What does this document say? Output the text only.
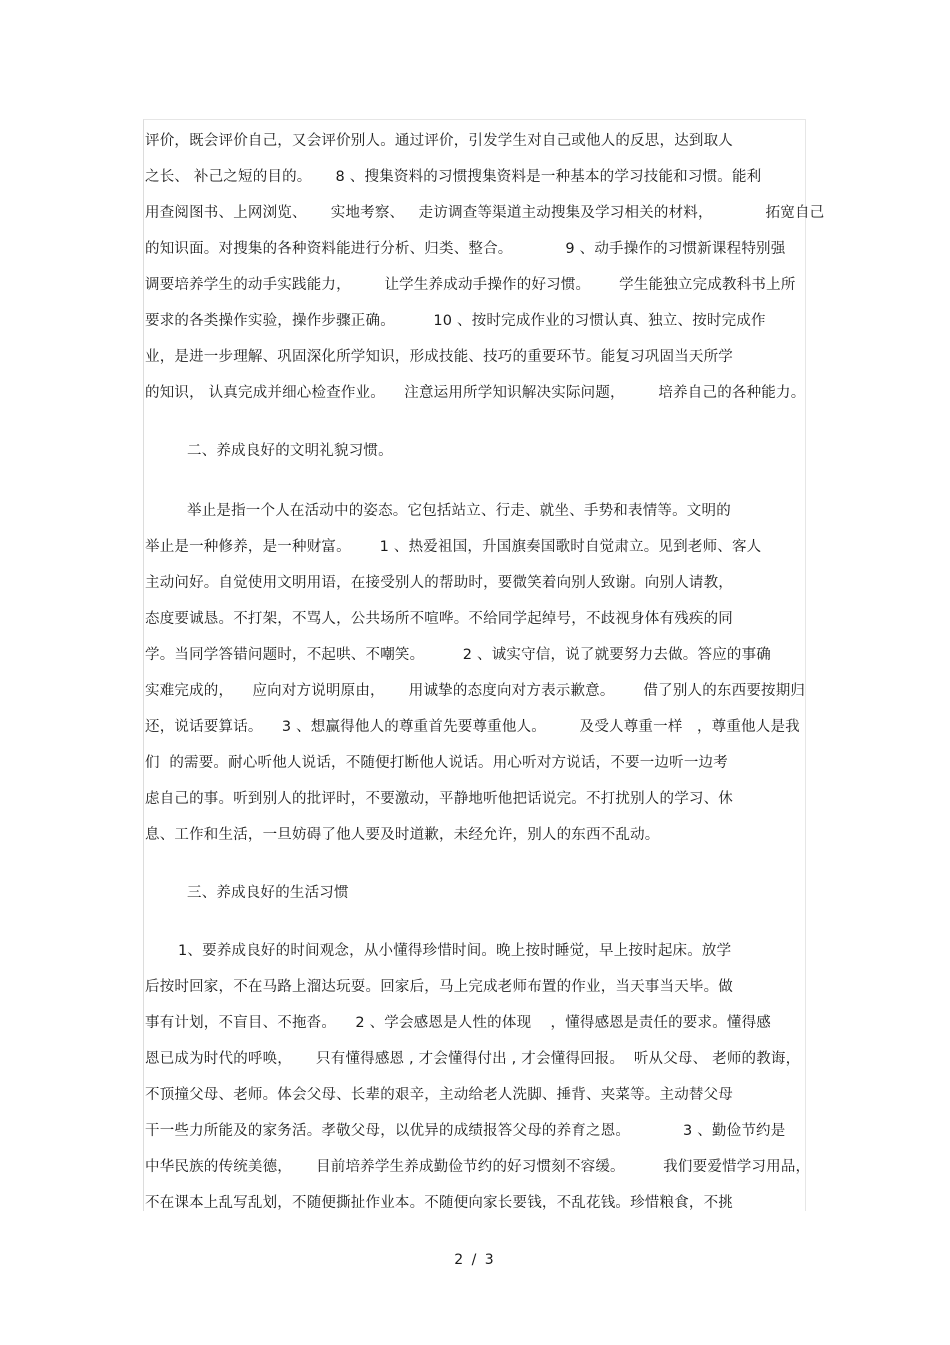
评价，既会评价自己，又会评价别人。通过评价，引发学生对自己或他人的反思，达到取人
之长、 补己之短的目的。     8 、搜集资料的习惯搜集资料是一种基本的学习技能和习惯。能利
用查阅图书、上网浏览、     实地考察、   走访调查等渠道主动搜集及学习相关的材料，           拓宽自己
的知识面。对搜集的各种资料能进行分析、归类、整合。           9 、动手操作的习惯新课程特别强
调要培养学生的动手实践能力，       让学生养成动手操作的好习惯。      学生能独立完成教科书上所
要求的各类操作实验，操作步骤正确。        10 、按时完成作业的习惯认真、独立、按时完成作
业，是进一步理解、巩固深化所学知识，形成技能、技巧的重要环节。能复习巩固当天所学
的知识， 认真完成并细心检查作业。    注意运用所学知识解决实际问题，       培养自己的各种能力。
二、养成良好的文明礼貌习惯。
举止是指一个人在活动中的姿态。它包括站立、行走、就坐、手势和表情等。文明的
举止是一种修养，是一种财富。      1 、热爱祖国，升国旗奏国歌时自觉肃立。见到老师、客人
主动问好。自觉使用文明用语，在接受别人的帮助时，要微笑着向别人致谢。向别人请教，
态度要诚恳。不打架，不骂人，公共场所不喧哗。不给同学起绰号，不歧视身体有残疾的同
学。当同学答错问题时，不起哄、不嘲笑。        2 、诚实守信，说了就要努力去做。答应的事确
实难完成的，    应向对方说明原由，     用诚挚的态度向对方表示歉意。      借了别人的东西要按期归
还，说话要算话。    3 、想赢得他人的尊重首先要尊重他人。       及受人尊重一样   ，尊重他人是我
们  的需要。耐心听他人说话，不随便打断他人说话。用心听对方说话，不要一边听一边考
虑自己的事。听到别人的批评时，不要激动，平静地听他把话说完。不打扰别人的学习、休
息、工作和生活，一旦妨碍了他人要及时道歉，未经允许，别人的东西不乱动。
三、养成良好的生活习惯
1、要养成良好的时间观念，从小懂得珍惜时间。晚上按时睡觉，早上按时起床。放学
后按时回家，不在马路上溜达玩耍。回家后，马上完成老师布置的作业，当天事当天毕。做
事有计划，不盲目、不拖沓。    2 、学会感恩是人性的体现    ，懂得感恩是责任的要求。懂得感
恩已成为时代的呼唤，     只有懂得感恩 , 才会懂得付出 , 才会懂得回报。  听从父母、 老师的教诲，
不顶撞父母、老师。体会父母、长辈的艰辛，主动给老人洗脚、捶背、夹菜等。主动替父母
干一些力所能及的家务活。孝敬父母，以优异的成绩报答父母的养育之恩。           3 、勤俭节约是
中华民族的传统美德，     目前培养学生养成勤俭节约的好习惯刻不容缓。        我们要爱惜学习用品，
不在课本上乱写乱划，不随便撕扯作业本。不随便向家长要钱，不乱花钱。珍惜粮食，不挑
2 / 3
